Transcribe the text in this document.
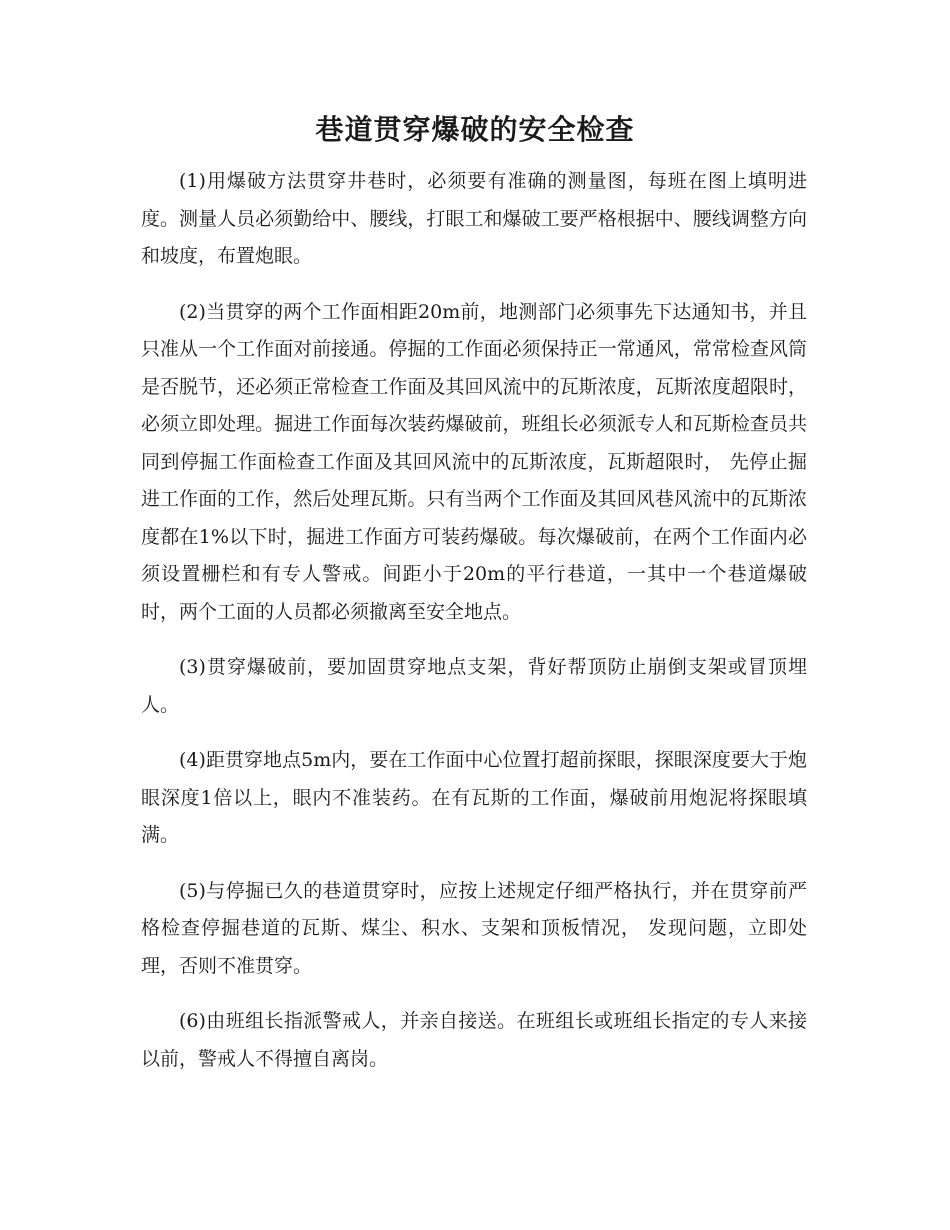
巷道贯穿爆破的安全检查

(1)用爆破方法贯穿井巷时，必须要有准确的测量图，每班在图上填明进度。测量人员必须勤给中、腰线，打眼工和爆破工要严格根据中、腰线调整方向和坡度，布置炮眼。

(2)当贯穿的两个工作面相距20m前，地测部门必须事先下达通知书，并且只准从一个工作面对前接通。停掘的工作面必须保持正一常通风，常常检查风筒是否脱节，还必须正常检查工作面及其回风流中的瓦斯浓度，瓦斯浓度超限时，必须立即处理。掘进工作面每次装药爆破前，班组长必须派专人和瓦斯检查员共同到停掘工作面检查工作面及其回风流中的瓦斯浓度，瓦斯超限时， 先停止掘进工作面的工作，然后处理瓦斯。只有当两个工作面及其回风巷风流中的瓦斯浓度都在1%以下时，掘进工作面方可装药爆破。每次爆破前，在两个工作面内必须设置栅栏和有专人警戒。间距小于20m的平行巷道，一其中一个巷道爆破时，两个工面的人员都必须撤离至安全地点。

(3)贯穿爆破前，要加固贯穿地点支架，背好帮顶防止崩倒支架或冒顶埋人。

(4)距贯穿地点5m内，要在工作面中心位置打超前探眼，探眼深度要大于炮眼深度1倍以上，眼内不准装药。在有瓦斯的工作面，爆破前用炮泥将探眼填满。

(5)与停掘已久的巷道贯穿时，应按上述规定仔细严格执行，并在贯穿前严格检查停掘巷道的瓦斯、煤尘、积水、支架和顶板情况， 发现问题，立即处理，否则不准贯穿。

(6)由班组长指派警戒人，并亲自接送。在班组长或班组长指定的专人来接以前，警戒人不得擅自离岗。
